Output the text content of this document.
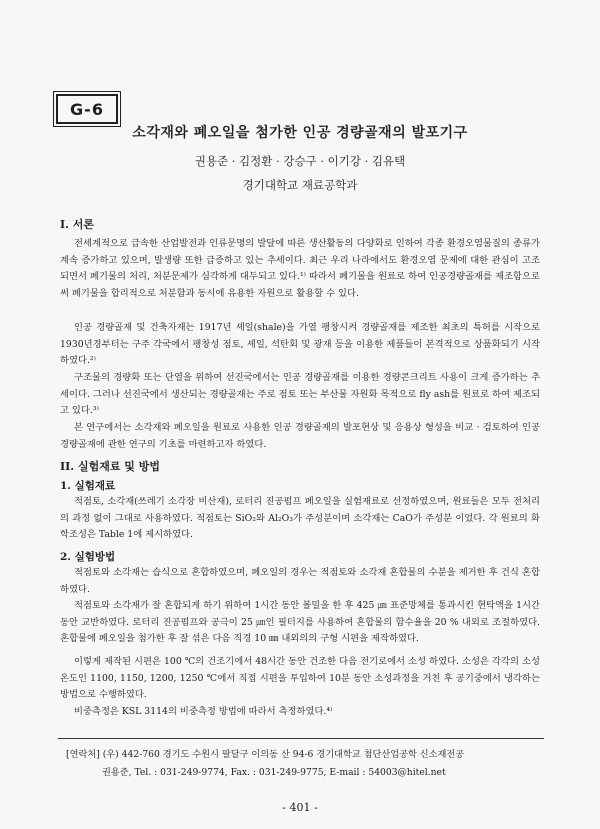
G-6
소각재와 폐오일을 첨가한 인공 경량골재의 발포기구
권용준 · 김정환 · 강승구 · 이기강 · 김유택
경기대학교 재료공학과
I. 서론

전세계적으로 급속한 산업발전과 인류문명의 발달에 따른 생산활동의 다양화로 인하여 각종 환경오염물질의 종류가 계속 증가하고 있으며, 발생량 또한 급증하고 있는 추세이다. 최근 우리 나라에서도 환경오염 문제에 대한 관심이 고조되면서 폐기물의 처리, 처분문제가 심각하게 대두되고 있다.¹⁾ 따라서 폐기물을 원료로 하여 인공경량골재를 제조함으로써 폐기물을 합리적으로 처분함과 동시에 유용한 자원으로 활용할 수 있다.

인공 경량골재 및 건축자재는 1917년 셰일(shale)을 가열 팽창시켜 경량골재를 제조한 최초의 특허를 시작으로 1930년경부터는 구주 각국에서 팽창성 점토, 셰일, 석탄회 및 광재 등을 이용한 제품들이 본격적으로 상품화되기 시작하였다.²⁾

구조물의 경량화 또는 단열을 위하여 선진국에서는 인공 경량골재를 이용한 경량콘크리트 사용이 크게 증가하는 추세이다. 그러나 선진국에서 생산되는 경량골재는 주로 점토 또는 부산물 자원화 목적으로 fly ash를 원료로 하여 제조되고 있다.³⁾

본 연구에서는 소각재와 폐오일을 원료로 사용한 인공 경량골재의 발포현상 및 응용상 형성을 비교 · 검토하여 인공 경량골재에 관한 연구의 기초를 마련하고자 하였다.

II. 실험재료 및 방법
1. 실험재료

적점토, 소각재(쓰레기 소각장 비산재), 로터리 진공펌프 폐오일을 실험재료로 선정하였으며, 원료들은 모두 전처리의 과정 없이 그대로 사용하였다. 적점토는 SiO₂와 Al₂O₃가 주성분이며 소각재는 CaO가 주성분 이었다. 각 원료의 화학조성은 Table 1에 제시하였다.

2. 실험방법

적점토와 소각재는 습식으로 혼합하였으며, 폐오일의 경우는 적점토와 소각재 혼합물의 수분을 제거한 후 건식 혼합하였다.

적점토와 소각재가 잘 혼합되게 하기 위하여 1시간 동안 볼밀을 한 후 425 ㎛ 표준망체를 통과시킨 현탁액을 1시간동안 교반하였다. 로터리 진공펌프와 공극이 25 ㎛인 필터지를 사용하여 혼합물의 함수율을 20 % 내외로 조절하였다. 혼합물에 폐오일을 첨가한 후 잘 섞은 다음 직경 10 ㎜ 내외의의 구형 시편을 제작하였다.

이렇게 제작된 시편은 100 ℃의 건조기에서 48시간 동안 건조한 다음 전기로에서 소성 하였다. 소성은 각각의 소성온도인 1100, 1150, 1200, 1250 ℃에서 직접 시편을 투입하여 10분 동안 소성과정을 거친 후 공기중에서 냉각하는 방법으로 수행하였다.

비중측정은 KSL 3114의 비중측정 방법에 따라서 측정하였다.⁴⁾

[연락처] (우) 442-760 경기도 수원시 팔달구 이의동 산 94-6 경기대학교 첨단산업공학 신소재전공
권용준, Tel. : 031-249-9774, Fax. : 031-249-9775, E-mail : 54003@hitel.net
- 401 -
